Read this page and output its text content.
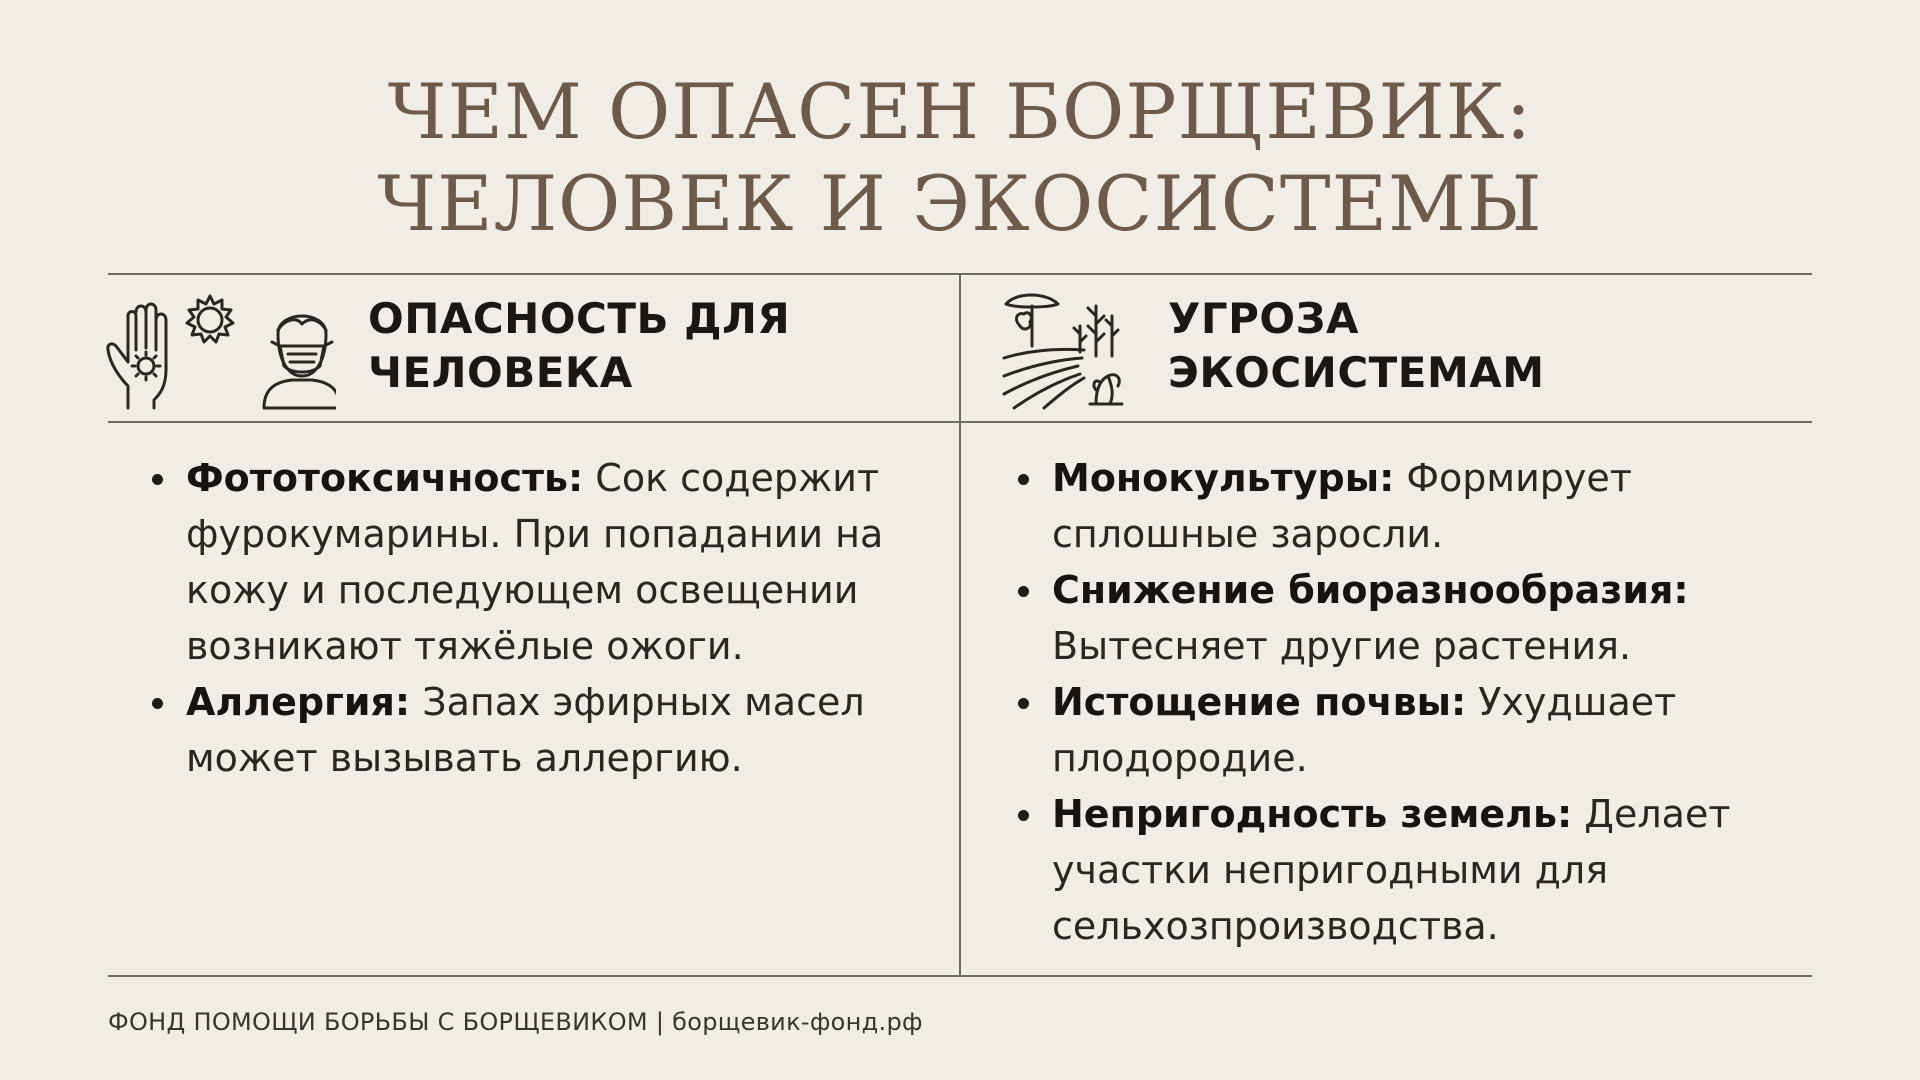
ЧЕМ ОПАСЕН БОРЩЕВИК:
ЧЕЛОВЕК И ЭКОСИСТЕМЫ
ОПАСНОСТЬ ДЛЯ
ЧЕЛОВЕКА
УГРОЗА
ЭКОСИСТЕМАМ
Фототоксичность: Сок содержит фурокумарины. При попадании на кожу и последующем освещении возникают тяжёлые ожоги.
Аллергия: Запах эфирных масел может вызывать аллергию.
Монокультуры: Формирует сплошные заросли.
Снижение биоразнообразия: Вытесняет другие растения.
Истощение почвы: Ухудшает плодородие.
Непригодность земель: Делает участки непригодными для сельхозпроизводства.
ФОНД ПОМОЩИ БОРЬБЫ С БОРЩЕВИКОМ | борщевик-фонд.рф
